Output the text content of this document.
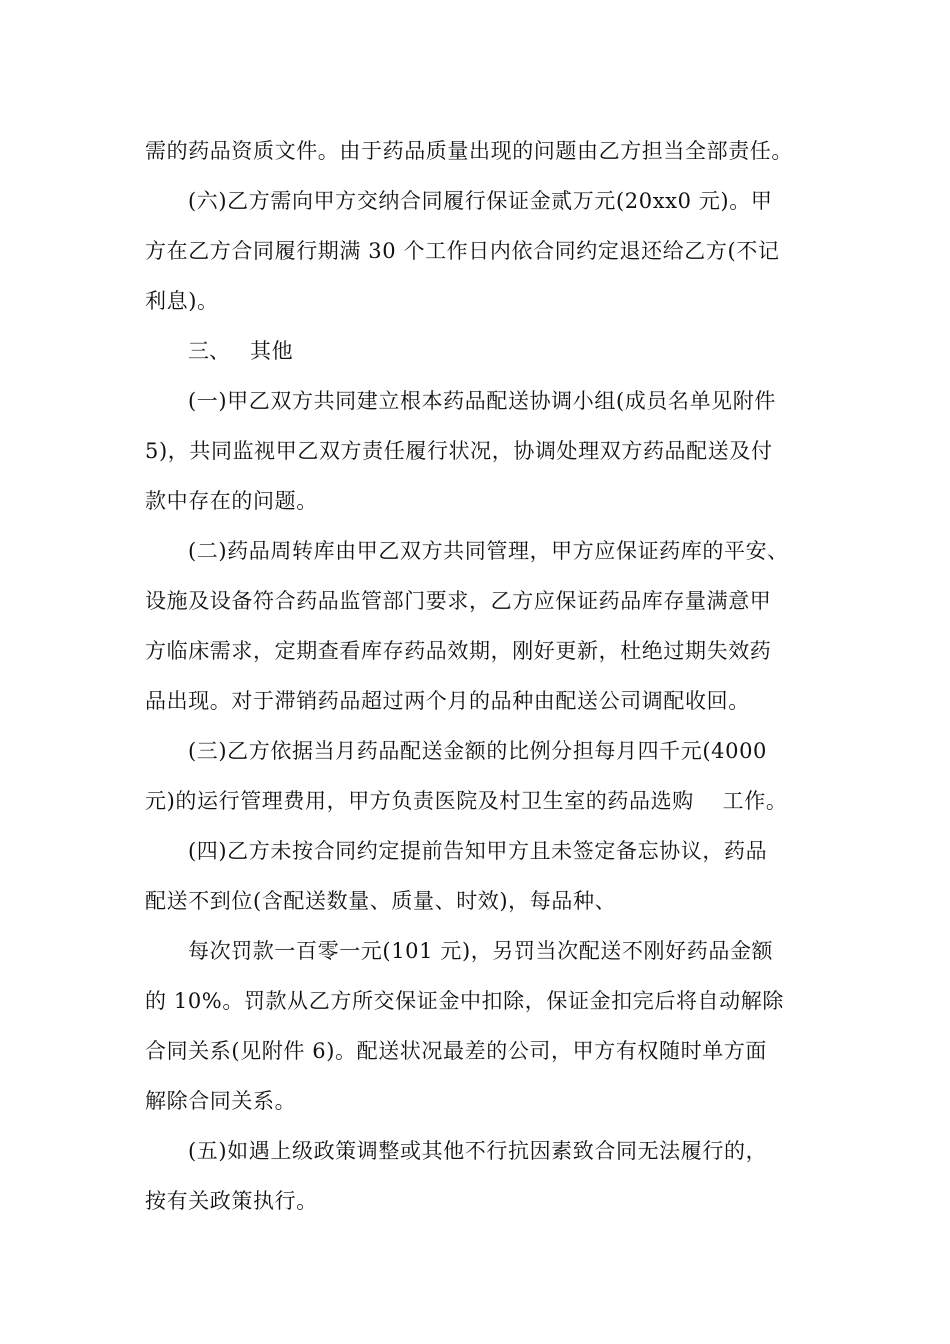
需的药品资质文件。由于药品质量出现的问题由乙方担当全部责任。
(六)乙方需向甲方交纳合同履行保证金贰万元(20xx0 元)。甲
方在乙方合同履行期满 30 个工作日内依合同约定退还给乙方(不记
利息)。
三、 其他
(一)甲乙双方共同建立根本药品配送协调小组(成员名单见附件
5)，共同监视甲乙双方责任履行状况，协调处理双方药品配送及付
款中存在的问题。
(二)药品周转库由甲乙双方共同管理，甲方应保证药库的平安、
设施及设备符合药品监管部门要求，乙方应保证药品库存量满意甲
方临床需求，定期查看库存药品效期，刚好更新，杜绝过期失效药
品出现。对于滞销药品超过两个月的品种由配送公司调配收回。
(三)乙方依据当月药品配送金额的比例分担每月四千元(4000
元)的运行管理费用，甲方负责医院及村卫生室的药品选购　 工作。
(四)乙方未按合同约定提前告知甲方且未签定备忘协议，药品
配送不到位(含配送数量、质量、时效)，每品种、
每次罚款一百零一元(101 元)，另罚当次配送不刚好药品金额
的 10%。罚款从乙方所交保证金中扣除，保证金扣完后将自动解除
合同关系(见附件 6)。配送状况最差的公司，甲方有权随时单方面
解除合同关系。
(五)如遇上级政策调整或其他不行抗因素致合同无法履行的，
按有关政策执行。
